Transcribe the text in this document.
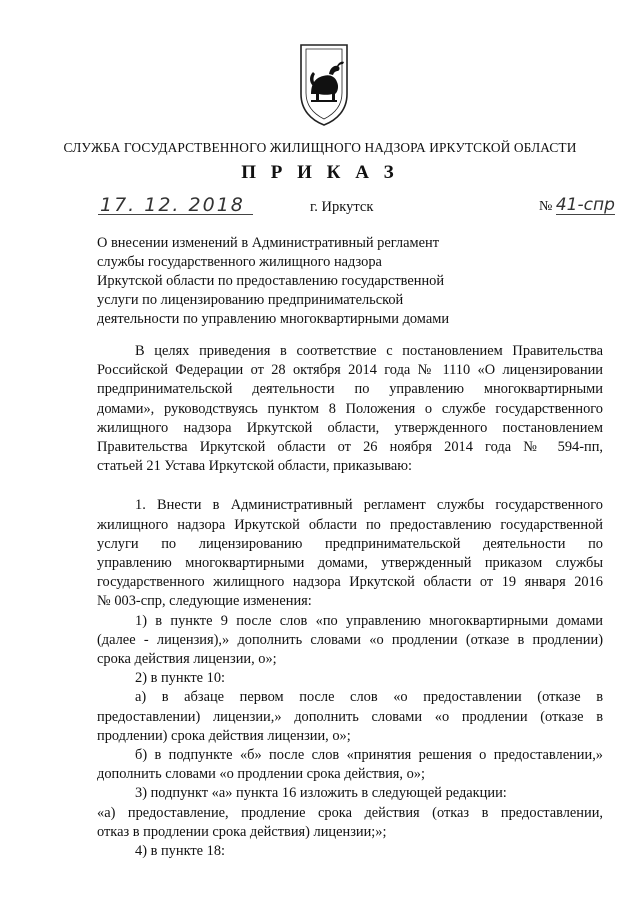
СЛУЖБА ГОСУДАРСТВЕННОГО ЖИЛИЩНОГО НАДЗОРА ИРКУТСКОЙ ОБЛАСТИ
П Р И К А З
17. 12. 2018	г. Иркутск	№ 41-спр
О внесении изменений в Административный регламент
службы государственного жилищного надзора
Иркутской области по предоставлению государственной
услуги по лицензированию предпринимательской
деятельности по управлению многоквартирными домами
В целях приведения в соответствие с постановлением Правительства
Российской Федерации от 28 октября 2014 года № 1110 «О лицензировании
предпринимательской деятельности по управлению многоквартирными
домами», руководствуясь пунктом 8 Положения о службе государственного
жилищного надзора Иркутской области, утвержденного постановлением
Правительства Иркутской области от 26 ноября 2014 года № 594-пп,
статьей 21 Устава Иркутской области, приказываю:
1. Внести в Административный регламент службы государственного
жилищного надзора Иркутской области по предоставлению государственной
услуги по лицензированию предпринимательской деятельности по
управлению многоквартирными домами, утвержденный приказом службы
государственного жилищного надзора Иркутской области от 19 января 2016
№ 003-спр, следующие изменения:
1) в пункте 9 после слов «по управлению многоквартирными домами
(далее - лицензия),» дополнить словами «о продлении (отказе в продлении)
срока действия лицензии, о»;
2) в пункте 10:
а) в абзаце первом после слов «о предоставлении (отказе в
предоставлении) лицензии,» дополнить словами «о продлении (отказе в
продлении) срока действия лицензии, о»;
б) в подпункте «б» после слов «принятия решения о предоставлении,»
дополнить словами «о продлении срока действия, о»;
3) подпункт «а» пункта 16 изложить в следующей редакции:
«а) предоставление, продление срока действия (отказ в предоставлении,
отказ в продлении срока действия) лицензии;»;
4) в пункте 18:
